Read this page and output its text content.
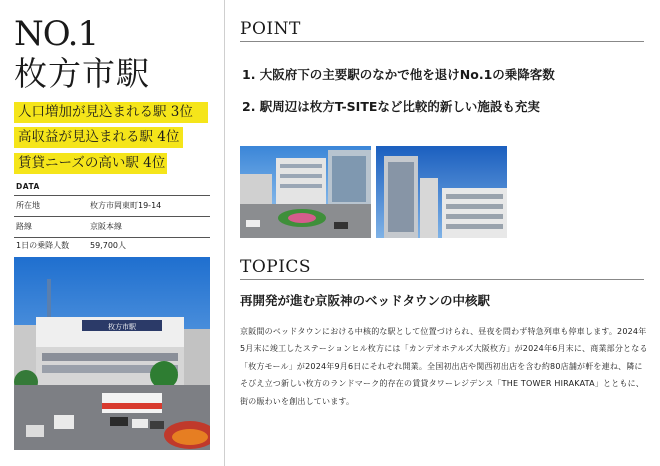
NO.1
枚方市駅
人口増加が見込まれる駅 3位
高収益が見込まれる駅 4位
賃貸ニーズの高い駅 4位
DATA
所在地	枚方市岡東町19-14
路線	京阪本線
1日の乗降人数	59,700人
枚方市駅
POINT
1. 大阪府下の主要駅のなかで他を退けNo.1の乗降客数
2. 駅周辺は枚方T-SITEなど比較的新しい施設も充実
TOPICS
再開発が進む京阪神のベッドタウンの中核駅
京阪間のベッドタウンにおける中核的な駅として位置づけられ、昼夜を問わず特急列車も停車します。2024年5月末に竣工したステーションヒル枚方には「カンデオホテルズ大阪枚方」が2024年6月末に、商業部分となる「枚方モール」が2024年9月6日にそれぞれ開業。全国初出店や関西初出店を含む約80店舗が軒を連ね、隣にそびえ立つ新しい枚方のランドマーク的存在の賃貸タワーレジデンス「THE TOWER HIRAKATA」とともに、街の賑わいを創出しています。
